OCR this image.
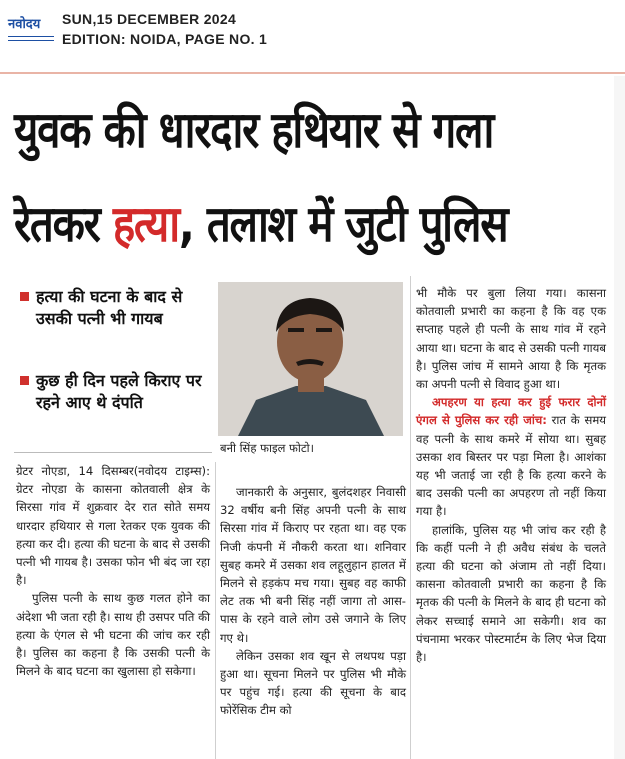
नवोदय SUN,15 DECEMBER 2024
EDITION: NOIDA, PAGE NO. 1
युवक की धारदार हथियार से गला
रेतकर हत्या, तलाश में जुटी पुलिस
हत्या की घटना के बाद से उसकी पत्नी भी गायब
कुछ ही दिन पहले किराए पर रहने आए थे दंपति
बनी सिंह फाइल फोटो।

ग्रेटर नोएडा, 14 दिसम्बर(नवोदय टाइम्स): ग्रेटर नोएडा के कासना कोतवाली क्षेत्र के सिरसा गांव में शुक्रवार देर रात सोते समय धारदार हथियार से गला रेतकर एक युवक की हत्या कर दी। हत्या की घटना के बाद से उसकी पत्नी भी गायब है। उसका फोन भी बंद जा रहा है।

पुलिस पत्नी के साथ कुछ गलत होने का अंदेशा भी जता रही है। साथ ही उसपर पति की हत्या के एंगल से भी घटना की जांच कर रही है। पुलिस का कहना है कि उसकी पत्नी के मिलने के बाद घटना का खुलासा हो सकेगा।

जानकारी के अनुसार, बुलंदशहर निवासी 32 वर्षीय बनी सिंह अपनी पत्नी के साथ सिरसा गांव में किराए पर रहता था। वह एक निजी कंपनी में नौकरी करता था। शनिवार सुबह कमरे में उसका शव लहूलुहान हालत में मिलने से हड़कंप मच गया। सुबह वह काफी लेट तक भी बनी सिंह नहीं जागा तो आस-पास के रहने वाले लोग उसे जगाने के लिए गए थे।

लेकिन उसका शव खून से लथपथ पड़ा हुआ था। सूचना मिलने पर पुलिस भी मौके पर पहुंच गई। हत्या की सूचना के बाद फोरेंसिक टीम को

भी मौके पर बुला लिया गया। कासना कोतवाली प्रभारी का कहना है कि वह एक सप्ताह पहले ही पत्नी के साथ गांव में रहने आया था। घटना के बाद से उसकी पत्नी गायब है। पुलिस जांच में सामने आया है कि मृतक का अपनी पत्नी से विवाद हुआ था।

अपहरण या हत्या कर हुई फरार दोनों एंगल से पुलिस कर रही जांच: रात के समय वह पत्नी के साथ कमरे में सोया था। सुबह उसका शव बिस्तर पर पड़ा मिला है। आशंका यह भी जताई जा रही है कि हत्या करने के बाद उसकी पत्नी का अपहरण तो नहीं किया गया है।

हालांकि, पुलिस यह भी जांच कर रही है कि कहीं पत्नी ने ही अवैध संबंध के चलते हत्या की घटना को अंजाम तो नहीं दिया। कासना कोतवाली प्रभारी का कहना है कि मृतक की पत्नी के मिलने के बाद ही घटना को लेकर सच्चाई समाने आ सकेगी। शव का पंचनामा भरकर पोस्टमार्टम के लिए भेज दिया है।
